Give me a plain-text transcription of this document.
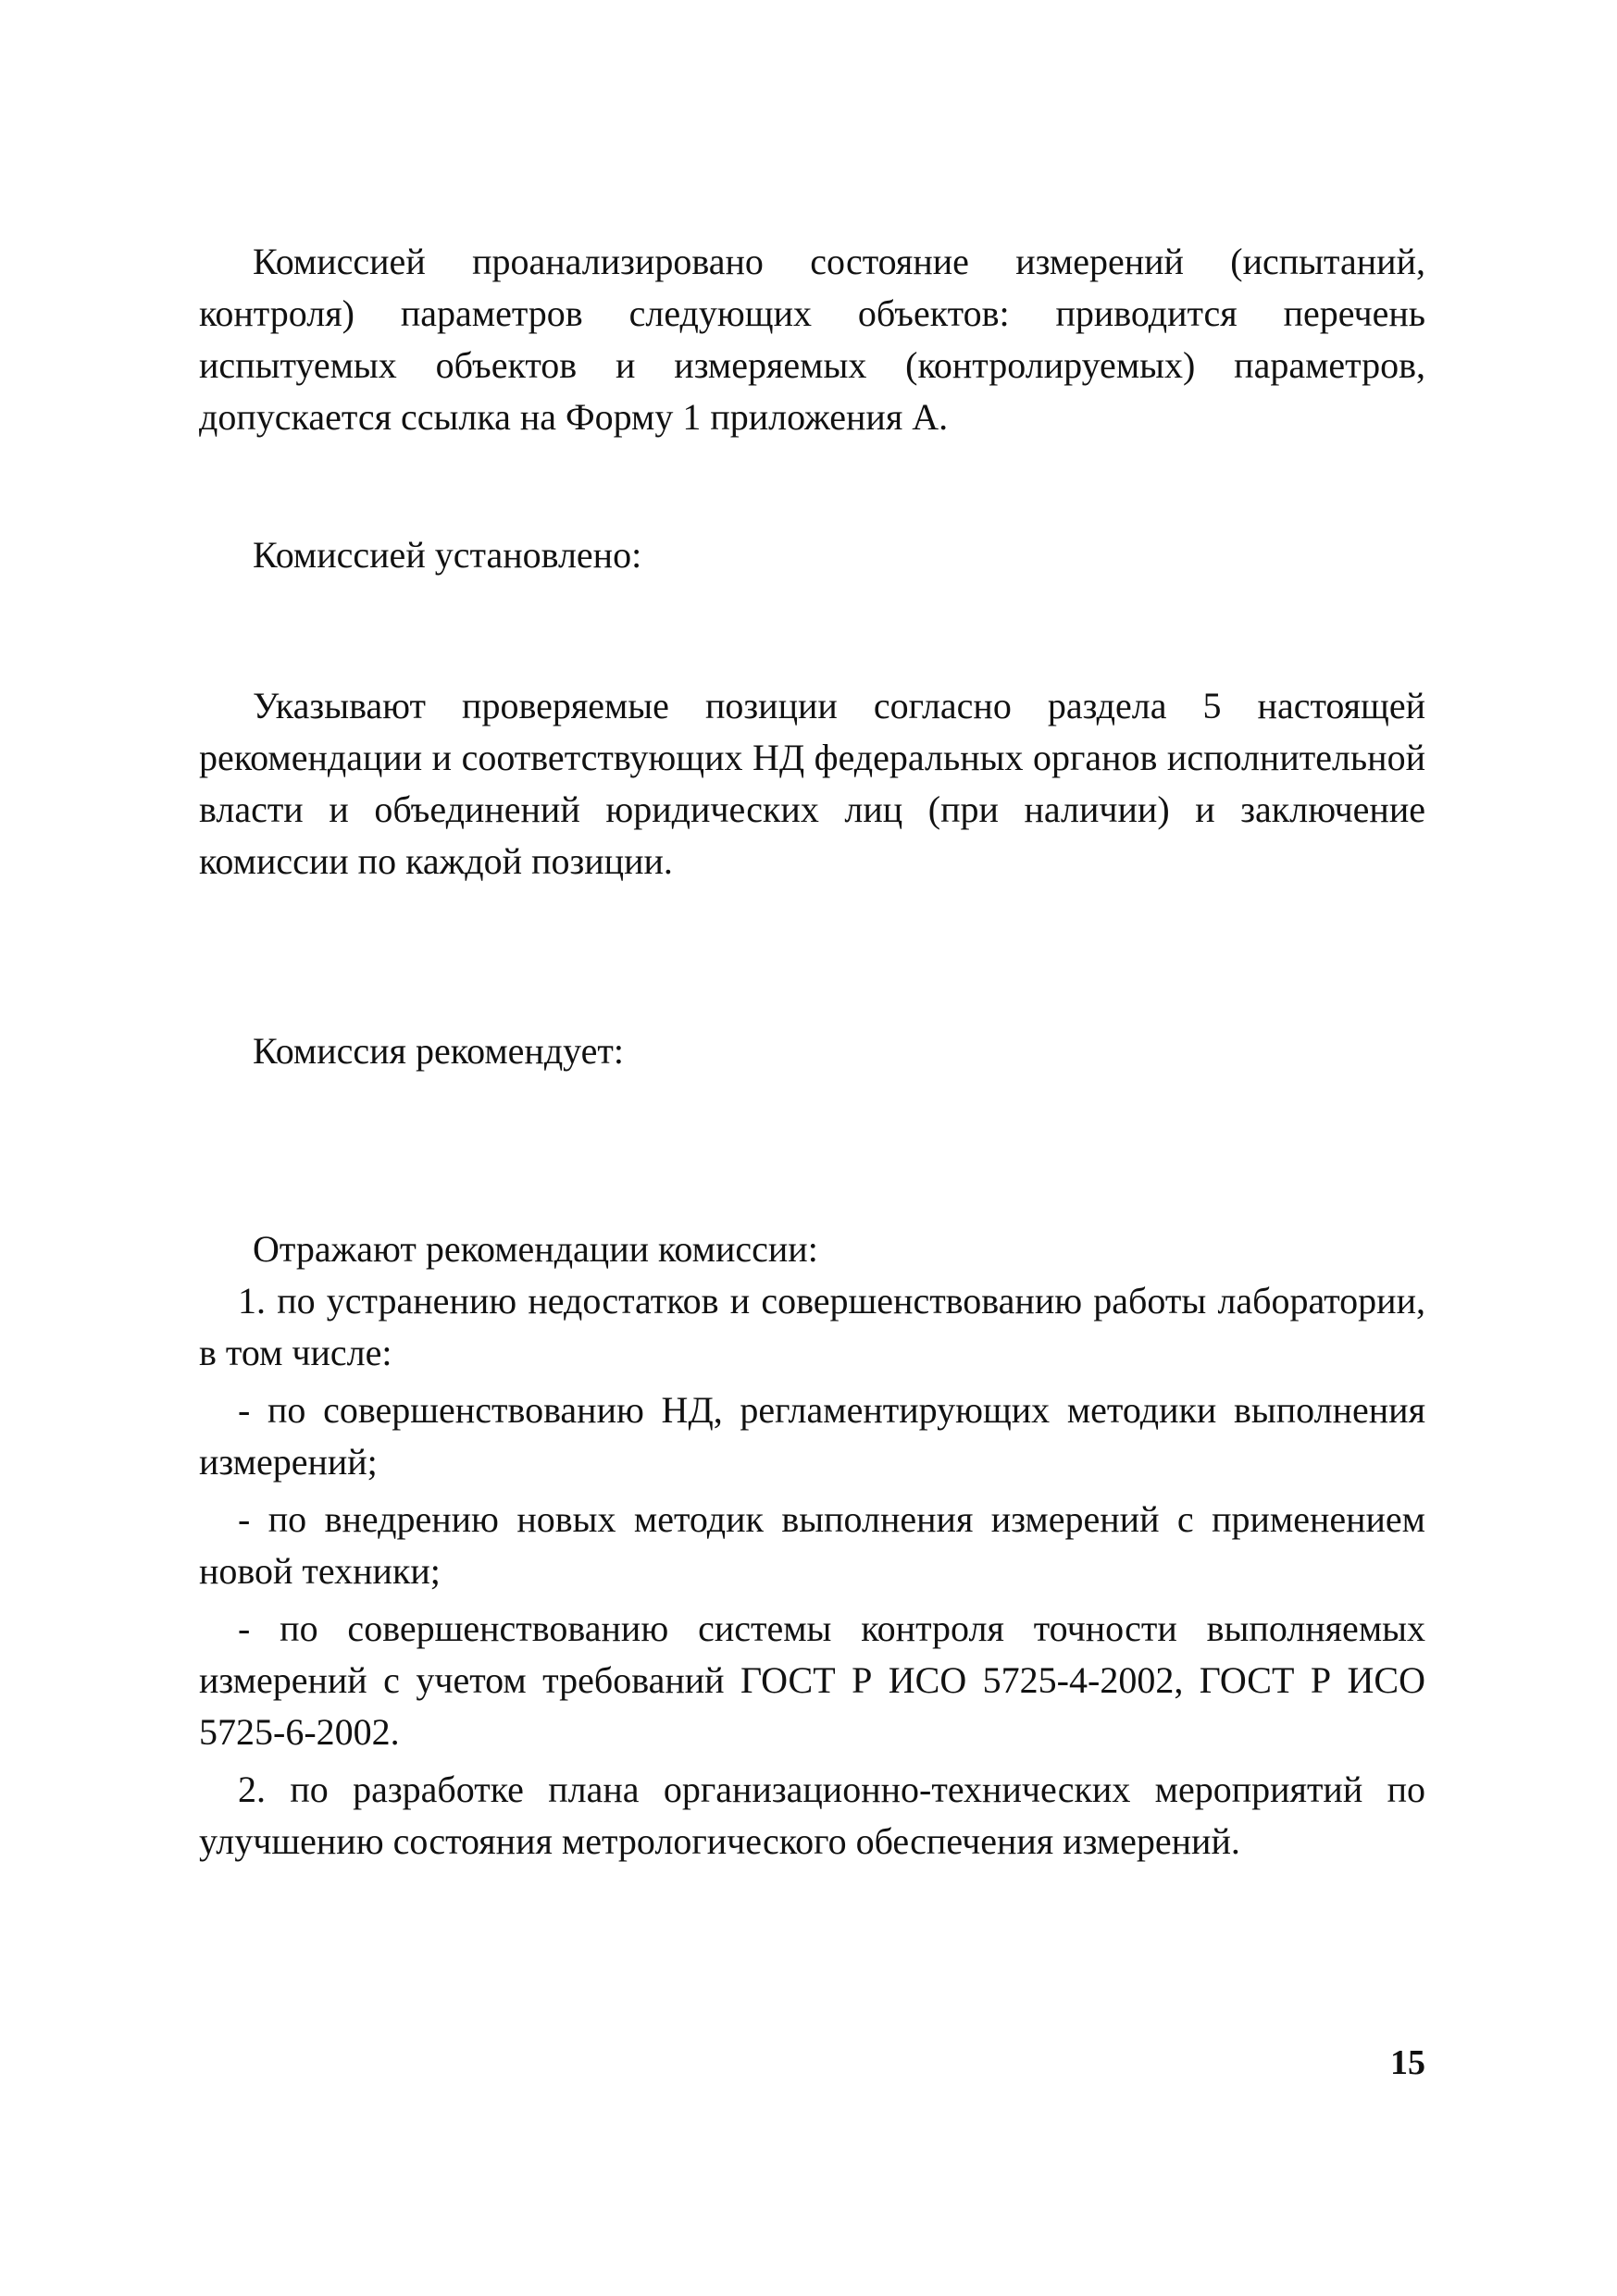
Комиссией проанализировано состояние измерений (испытаний, контроля) параметров следующих объектов: приводится перечень испытуемых объектов и измеряемых (контролируемых) параметров, допускается ссылка на Форму 1 приложения А.

Комиссией установлено:

Указывают проверяемые позиции согласно раздела 5 настоящей рекомендации и соответствующих НД федеральных органов исполнительной власти и объединений юридических лиц (при наличии) и заключение комиссии по каждой позиции.

Комиссия рекомендует:

Отражают рекомендации комиссии:

1. по устранению недостатков и совершенствованию работы лаборатории, в том числе:
- по совершенствованию НД, регламентирующих методики выполнения измерений;
- по внедрению новых методик выполнения измерений с применением новой техники;
- по совершенствованию системы контроля точности выполняемых измерений с учетом требований ГОСТ Р ИСО 5725-4-2002, ГОСТ Р ИСО 5725-6-2002.
2. по разработке плана организационно-технических мероприятий по улучшению состояния метрологического обеспечения измерений.
15
